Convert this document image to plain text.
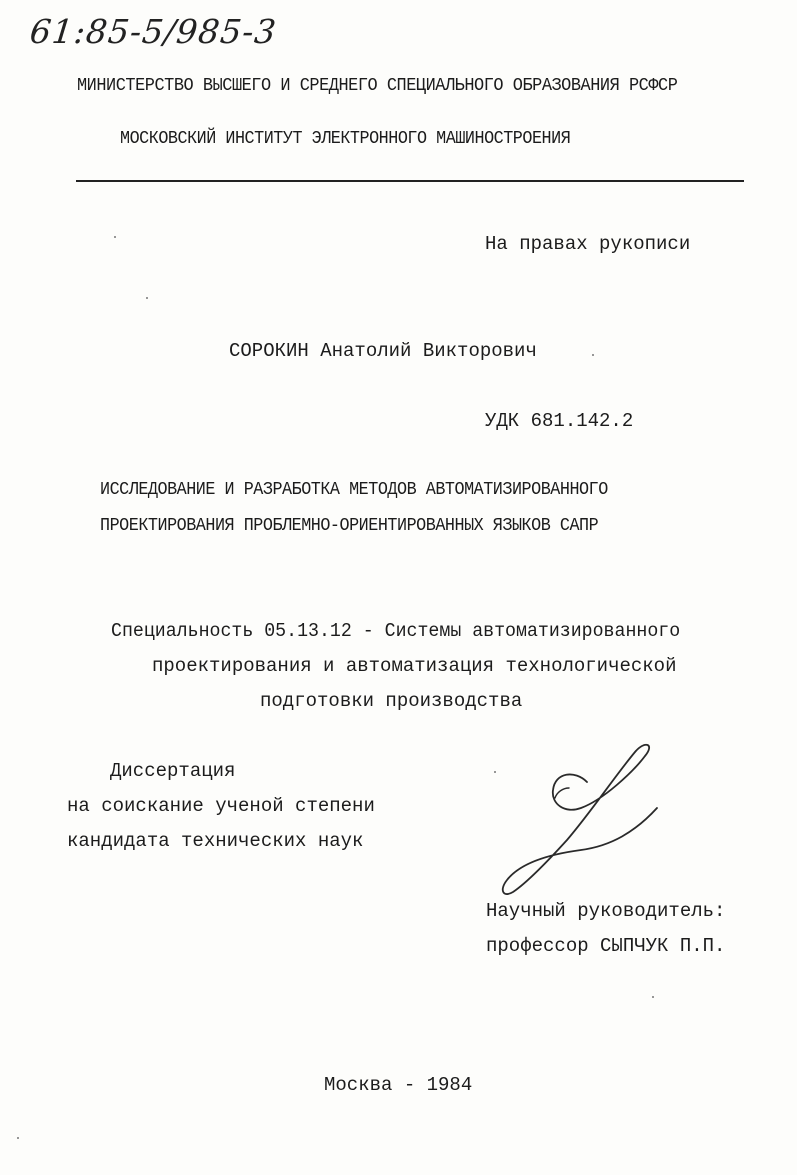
61:85-5/985-3
МИНИСТЕРСТВО ВЫСШЕГО И СРЕДНЕГО СПЕЦИАЛЬНОГО ОБРАЗОВАНИЯ РСФСР
МОСКОВСКИЙ ИНСТИТУТ ЭЛЕКТРОННОГО МАШИНОСТРОЕНИЯ
На правах рукописи
СОРОКИН Анатолий Викторович
УДК 681.142.2
ИССЛЕДОВАНИЕ И РАЗРАБОТКА МЕТОДОВ АВТОМАТИЗИРОВАННОГО
ПРОЕКТИРОВАНИЯ ПРОБЛЕМНО-ОРИЕНТИРОВАННЫХ ЯЗЫКОВ САПР
Специальность 05.13.12 - Системы автоматизированного
проектирования и автоматизация технологической
подготовки производства
Диссертация
на соискание ученой степени
кандидата технических наук
Научный руководитель:
профессор СЫПЧУК П.П.
Москва - 1984
